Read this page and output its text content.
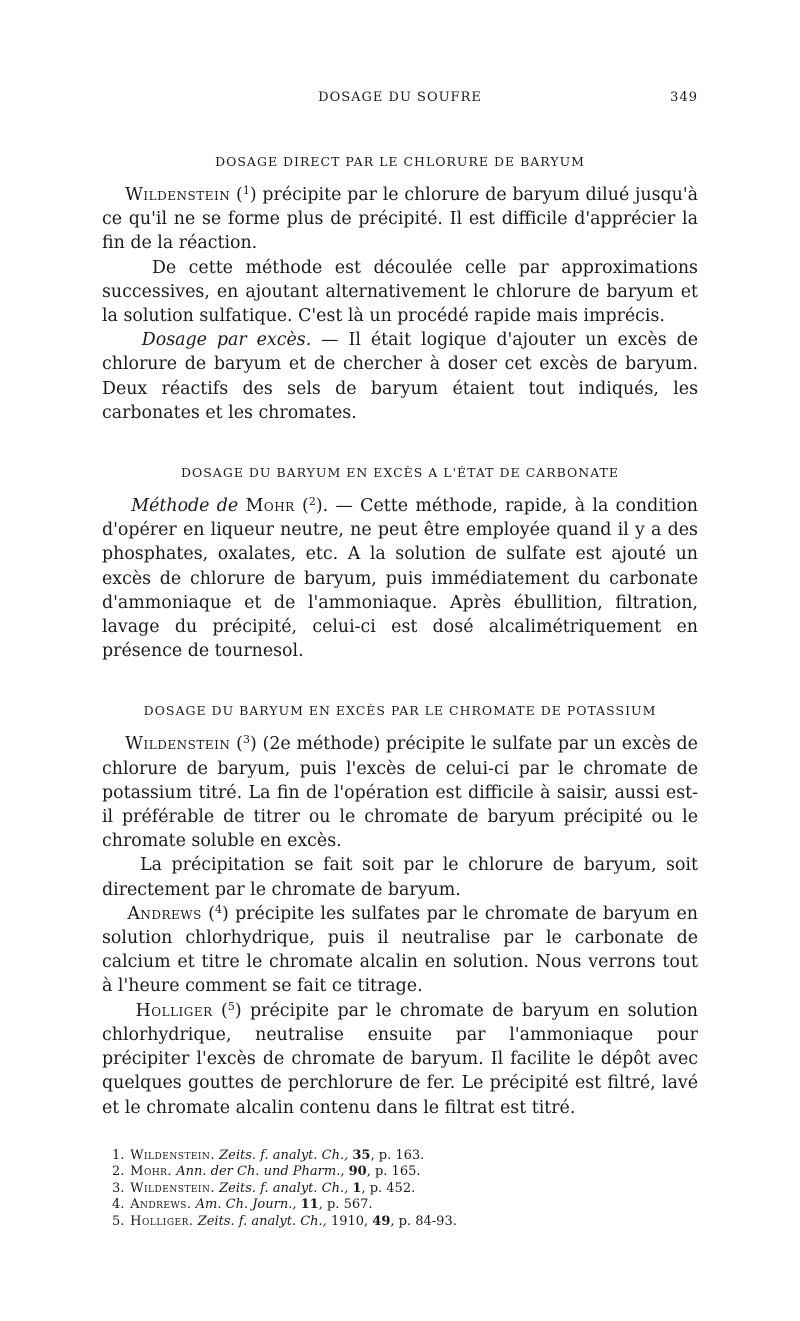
DOSAGE DU SOUFRE	349
DOSAGE DIRECT PAR LE CHLORURE DE BARYUM

Wildenstein ($^1$) précipite par le chlorure de baryum dilué jusqu'à ce qu'il ne se forme plus de précipité. Il est difficile d'apprécier la fin de la réaction.

De cette méthode est découlée celle par approximations successives, en ajoutant alternativement le chlorure de baryum et la solution sulfatique. C'est là un procédé rapide mais imprécis.

Dosage par excès. — Il était logique d'ajouter un excès de chlorure de baryum et de chercher à doser cet excès de baryum. Deux réactifs des sels de baryum étaient tout indiqués, les carbonates et les chromates.

DOSAGE DU BARYUM EN EXCÈS A L'ÉTAT DE CARBONATE

Méthode de Mohr ($^2$). — Cette méthode, rapide, à la condition d'opérer en liqueur neutre, ne peut être employée quand il y a des phosphates, oxalates, etc. A la solution de sulfate est ajouté un excès de chlorure de baryum, puis immédiatement du carbonate d'ammoniaque et de l'ammoniaque. Après ébullition, filtration, lavage du précipité, celui-ci est dosé alcalimétriquement en présence de tournesol.

DOSAGE DU BARYUM EN EXCÈS PAR LE CHROMATE DE POTASSIUM

Wildenstein ($^3$) (2e méthode) précipite le sulfate par un excès de chlorure de baryum, puis l'excès de celui-ci par le chromate de potassium titré. La fin de l'opération est difficile à saisir, aussi est-il préférable de titrer ou le chromate de baryum précipité ou le chromate soluble en excès.

La précipitation se fait soit par le chlorure de baryum, soit directement par le chromate de baryum.

Andrews ($^4$) précipite les sulfates par le chromate de baryum en solution chlorhydrique, puis il neutralise par le carbonate de calcium et titre le chromate alcalin en solution. Nous verrons tout à l'heure comment se fait ce titrage.

Holliger ($^5$) précipite par le chromate de baryum en solution chlorhydrique, neutralise ensuite par l'ammoniaque pour précipiter l'excès de chromate de baryum. Il facilite le dépôt avec quelques gouttes de perchlorure de fer. Le précipité est filtré, lavé et le chromate alcalin contenu dans le filtrat est titré.

1. Wildenstein. Zeits. f. analyt. Ch., 35, p. 163.
2. Mohr. Ann. der Ch. und Pharm., 90, p. 165.
3. Wildenstein. Zeits. f. analyt. Ch., 1, p. 452.
4. Andrews. Am. Ch. Journ., 11, p. 567.
5. Holliger. Zeits. f. analyt. Ch., 1910, 49, p. 84-93.
